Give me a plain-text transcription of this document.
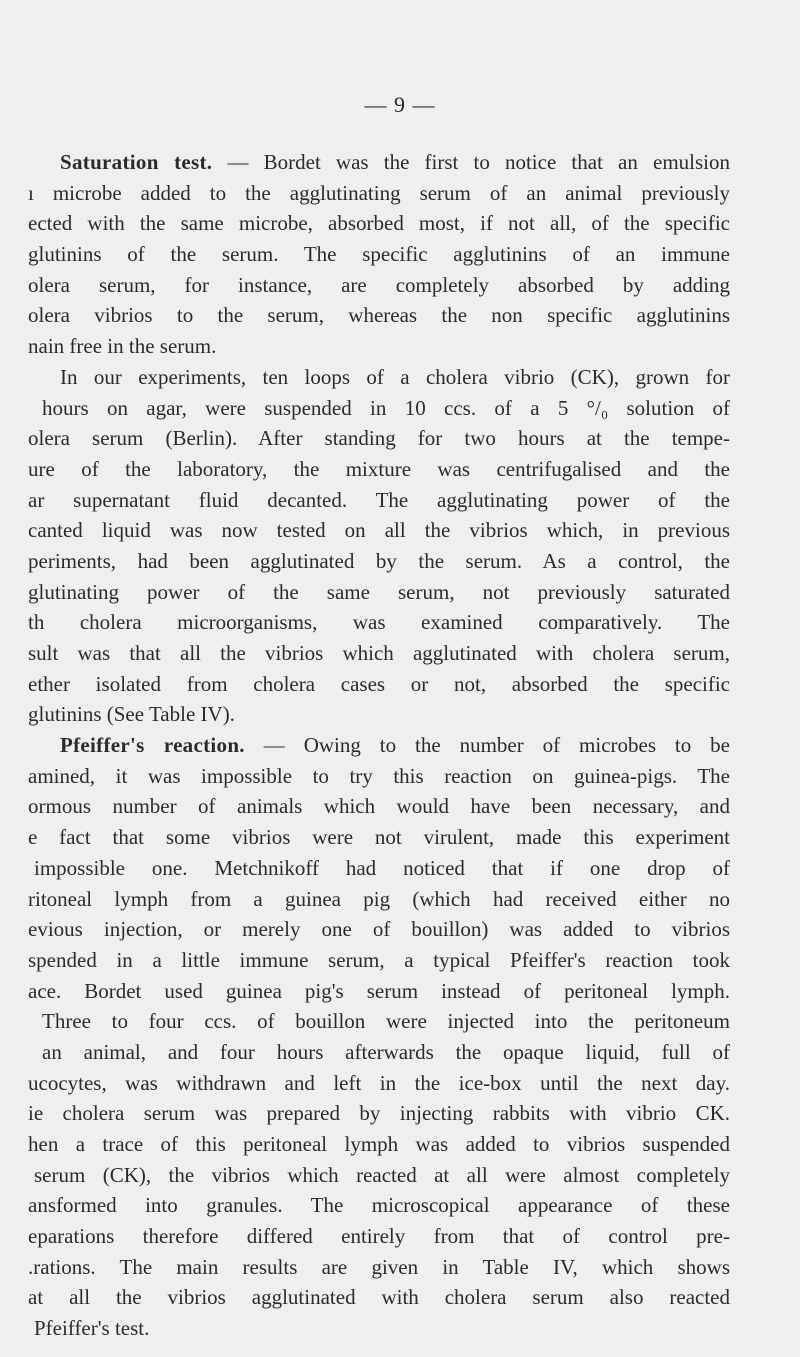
— 9 —
Saturation test. — Bordet was the first to notice that an emulsion
ı microbe added to the agglutinating serum of an animal previously
ected with the same microbe, absorbed most, if not all, of the specific
glutinins of the serum. The specific agglutinins of an immune
olera serum, for instance, are completely absorbed by adding
olera vibrios to the serum, whereas the non specific agglutinins
nain free in the serum.
In our experiments, ten loops of a cholera vibrio (CK), grown for
hours on agar, were suspended in 10 ccs. of a 5 °/₀ solution of
olera serum (Berlin). After standing for two hours at the tempe-
ure of the laboratory, the mixture was centrifugalised and the
ar supernatant fluid decanted. The agglutinating power of the
canted liquid was now tested on all the vibrios which, in previous
periments, had been agglutinated by the serum. As a control, the
glutinating power of the same serum, not previously saturated
th cholera microorganisms, was examined comparatively. The
sult was that all the vibrios which agglutinated with cholera serum,
ether isolated from cholera cases or not, absorbed the specific
glutinins (See Table IV).
Pfeiffer's reaction. — Owing to the number of microbes to be
amined, it was impossible to try this reaction on guinea-pigs. The
ormous number of animals which would have been necessary, and
e fact that some vibrios were not virulent, made this experiment
impossible one. Metchnikoff had noticed that if one drop of
ritoneal lymph from a guinea pig (which had received either no
evious injection, or merely one of bouillon) was added to vibrios
spended in a little immune serum, a typical Pfeiffer's reaction took
ace. Bordet used guinea pig's serum instead of peritoneal lymph.
Three to four ccs. of bouillon were injected into the peritoneum
an animal, and four hours afterwards the opaque liquid, full of
ucocytes, was withdrawn and left in the ice-box until the next day.
ie cholera serum was prepared by injecting rabbits with vibrio CK.
hen a trace of this peritoneal lymph was added to vibrios suspended
serum (CK), the vibrios which reacted at all were almost completely
ansformed into granules. The microscopical appearance of these
eparations therefore differed entirely from that of control pre-
.rations. The main results are given in Table IV, which shows
at all the vibrios agglutinated with cholera serum also reacted
Pfeiffer's test.
